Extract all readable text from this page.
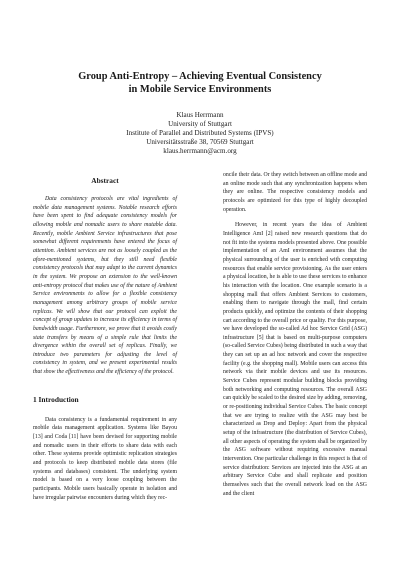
Group Anti-Entropy – Achieving Eventual Consistency
in Mobile Service Environments
Klaus Herrmann
University of Stuttgart
Institute of Parallel and Distributed Systems (IPVS)
Universitätsstraße 38, 70569 Stuttgart
klaus.herrmann@acm.org
Abstract

Data consistency protocols are vital ingredients of mobile data management systems. Notable research efforts have been spent to find adequate consistency models for allowing mobile and nomadic users to share mutable data. Recently, mobile Ambient Service infrastructures that pose somewhat different requirements have entered the focus of attention. Ambient services are not as loosely coupled as the afore-mentioned systems, but they still need flexible consistency protocols that may adapt to the current dynamics in the system. We propose an extension to the well-known anti-entropy protocol that makes use of the nature of Ambient Service environments to allow for a flexible consistency management among arbitrary groups of mobile service replicas. We will show that our protocol can exploit the concept of group updates to increase its efficiency in terms of bandwidth usage. Furthermore, we prove that it avoids costly state transfers by means of a simple rule that limits the divergence within the overall set of replicas. Finally, we introduce two parameters for adjusting the level of consistency in system, and we present experimental results that show the effectiveness and the efficiency of the protocol.

1 Introduction

Data consistency is a fundamental requirement in any mobile data management application. Systems like Bayou [13] and Coda [11] have been devised for supporting mobile and nomadic users in their efforts to share data with each other. These systems provide optimistic replication strategies and protocols to keep distributed mobile data stores (file systems and databases) consistent. The underlying system model is based on a very loose coupling between the participants. Mobile users basically operate in isolation and have irregular pairwise encounters during which they rec-

oncile their data. Or they switch between an offline mode and an online mode such that any synchronization happens when they are online. The respective consistency models and protocols are optimized for this type of highly decoupled operation.

However, in recent years the idea of Ambient Intelligence AmI [2] raised new research questions that do not fit into the systems models presented above. One possible implementation of an AmI environment assumes that the physical surrounding of the user is enriched with computing resources that enable service provisioning. As the user enters a physical location, he is able to use these services to enhance his interaction with the location. One example scenario is a shopping mall that offers Ambient Services to customers, enabling them to navigate through the mall, find certain products quickly, and optimize the contents of their shopping cart according to the overall price or quality. For this purpose, we have developed the so-called Ad hoc Service Grid (ASG) infrastructure [5] that is based on multi-purpose computers (so-called Service Cubes) being distributed in such a way that they can set up an ad hoc network and cover the respective facility (e.g. the shopping mall). Mobile users can access this network via their mobile devices and use its resources. Service Cubes represent modular building blocks providing both networking and computing resources. The overall ASG can quickly be scaled to the desired size by adding, removing, or re-positioning individual Service Cubes. The basic concept that we are trying to realize with the ASG may best be characterized as Drop and Deploy: Apart from the physical setup of the infrastructure (the distribution of Service Cubes), all other aspects of operating the system shall be organized by the ASG software without requiring excessive manual intervention. One particular challenge in this respect is that of service distribution: Services are injected into the ASG at an arbitrary Service Cube and shall replicate and position themselves such that the overall network load on the ASG and the client
